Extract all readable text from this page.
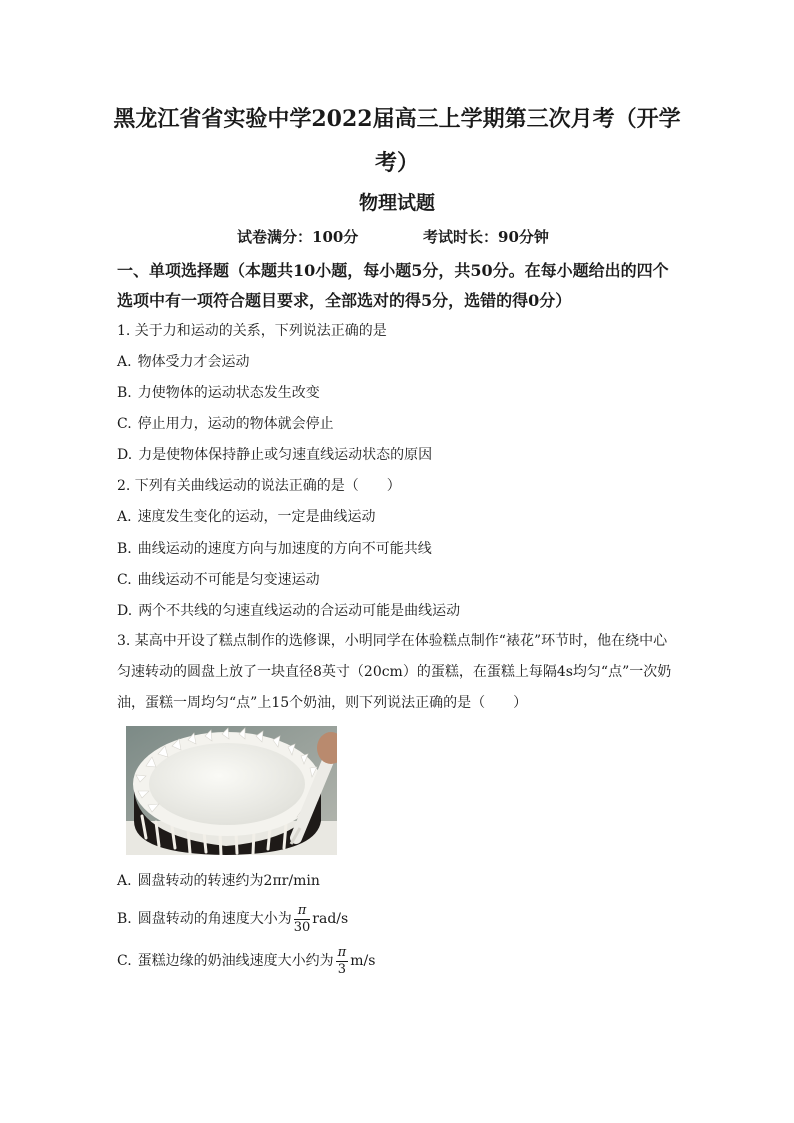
黑龙江省省实验中学2022届高三上学期第三次月考（开学考）
物理试题
试卷满分：100分	考试时长：90分钟
一、单项选择题（本题共10小题，每小题5分，共50分。在每小题给出的四个选项中有一项符合题目要求，全部选对的得5分，选错的得0分）
1. 关于力和运动的关系，下列说法正确的是
A. 物体受力才会运动
B. 力使物体的运动状态发生改变
C. 停止用力，运动的物体就会停止
D. 力是使物体保持静止或匀速直线运动状态的原因
2. 下列有关曲线运动的说法正确的是（　　）
A. 速度发生变化的运动，一定是曲线运动
B. 曲线运动的速度方向与加速度的方向不可能共线
C. 曲线运动不可能是匀变速运动
D. 两个不共线的匀速直线运动的合运动可能是曲线运动
3. 某高中开设了糕点制作的选修课，小明同学在体验糕点制作“裱花”环节时，他在绕中心匀速转动的圆盘上放了一块直径8英寸（20cm）的蛋糕，在蛋糕上每隔4s均匀“点”一次奶油，蛋糕一周均匀“点”上15个奶油，则下列说法正确的是（　　）
A. 圆盘转动的转速约为2πr/min
B. 圆盘转动的角速度大小为 $\frac{\pi}{30} rad/s$
C. 蛋糕边缘的奶油线速度大小约为 $\frac{\pi}{3} m/s$
